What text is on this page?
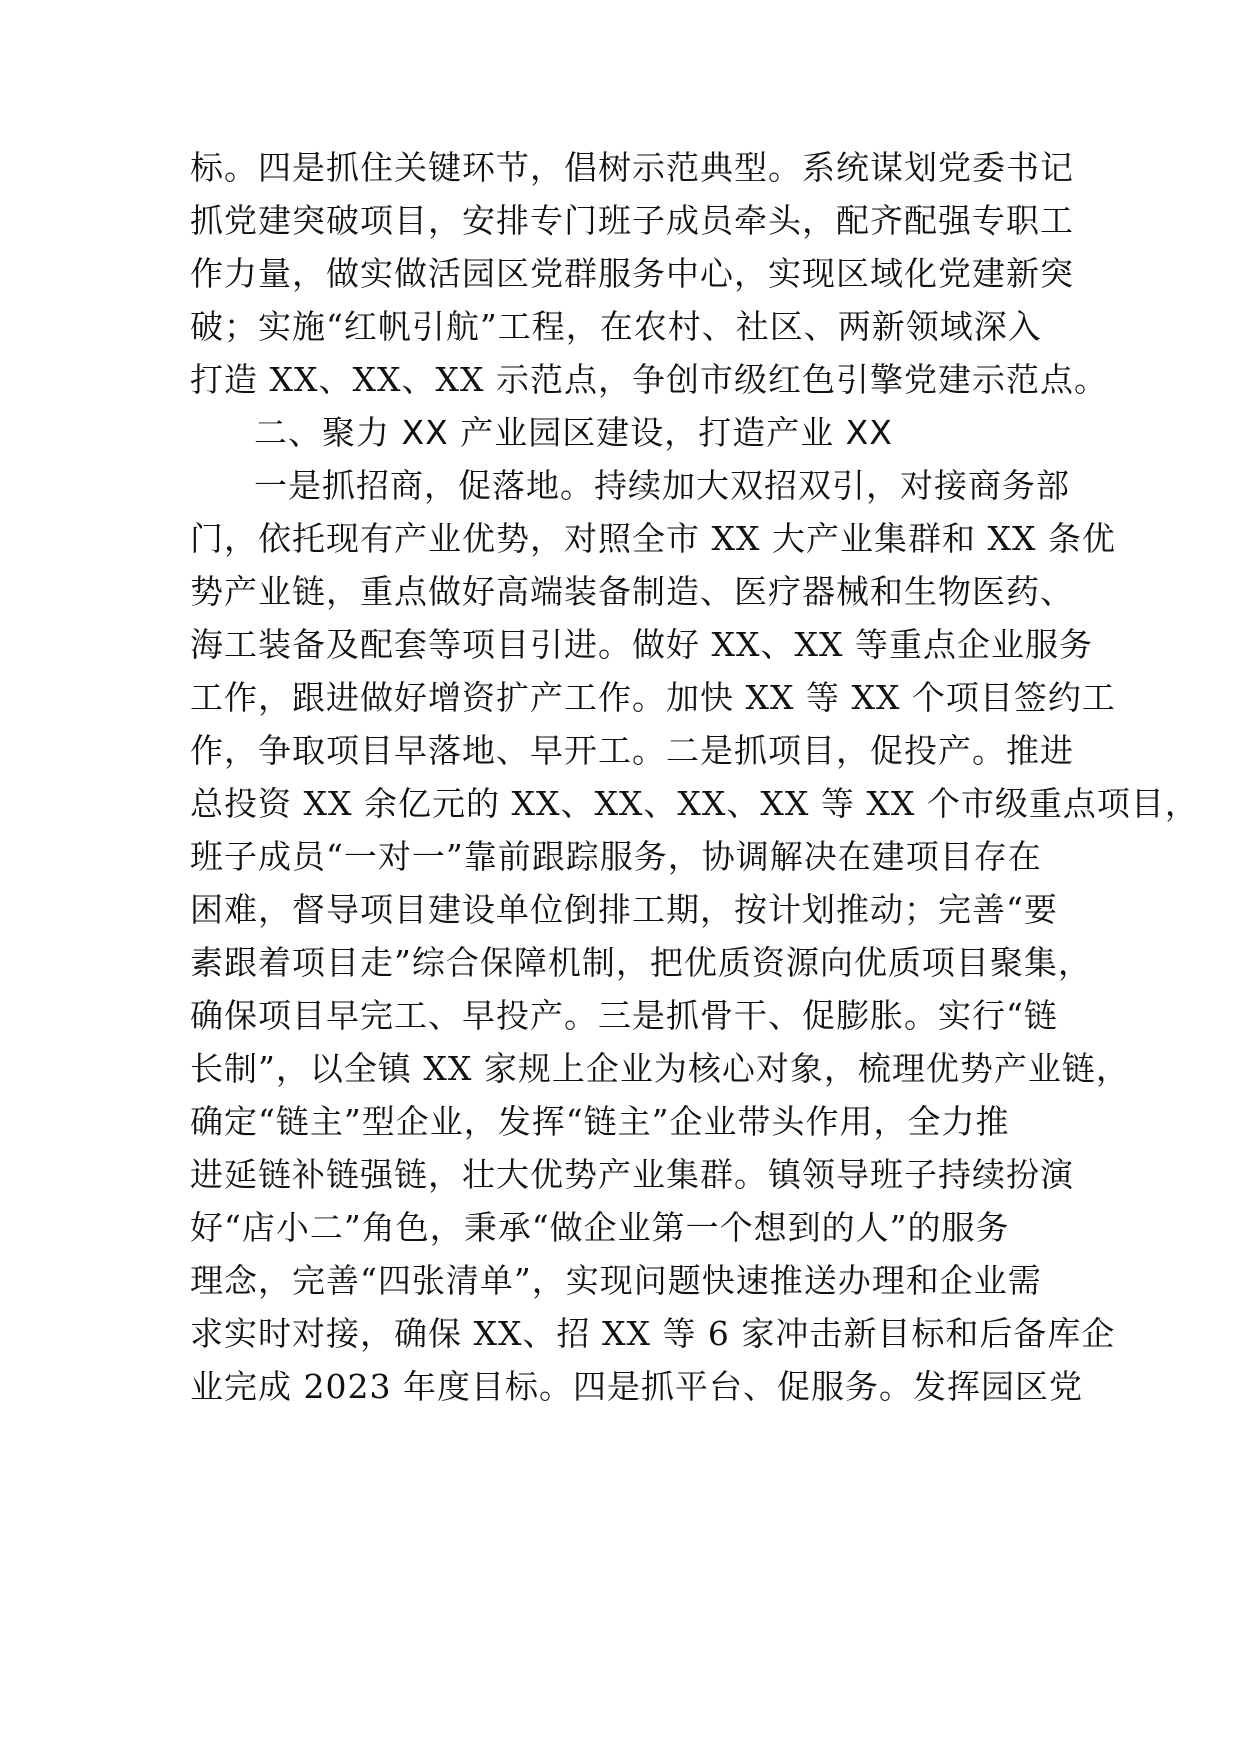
标。四是抓住关键环节，倡树示范典型。系统谋划党委书记
抓党建突破项目，安排专门班子成员牵头，配齐配强专职工
作力量，做实做活园区党群服务中心，实现区域化党建新突
破；实施“红帆引航”工程，在农村、社区、两新领域深入
打造 XX、XX、XX 示范点，争创市级红色引擎党建示范点。
二、聚力 XX 产业园区建设，打造产业 XX
一是抓招商，促落地。持续加大双招双引，对接商务部
门，依托现有产业优势，对照全市 XX 大产业集群和 XX 条优
势产业链，重点做好高端装备制造、医疗器械和生物医药、
海工装备及配套等项目引进。做好 XX、XX 等重点企业服务
工作，跟进做好增资扩产工作。加快 XX 等 XX 个项目签约工
作，争取项目早落地、早开工。二是抓项目，促投产。推进
总投资 XX 余亿元的 XX、XX、XX、XX 等 XX 个市级重点项目，
班子成员“一对一”靠前跟踪服务，协调解决在建项目存在
困难，督导项目建设单位倒排工期，按计划推动；完善“要
素跟着项目走”综合保障机制，把优质资源向优质项目聚集，
确保项目早完工、早投产。三是抓骨干、促膨胀。实行“链
长制”，以全镇 XX 家规上企业为核心对象，梳理优势产业链，
确定“链主”型企业，发挥“链主”企业带头作用，全力推
进延链补链强链，壮大优势产业集群。镇领导班子持续扮演
好“店小二”角色，秉承“做企业第一个想到的人”的服务
理念，完善“四张清单”，实现问题快速推送办理和企业需
求实时对接，确保 XX、招 XX 等 6 家冲击新目标和后备库企
业完成 2023 年度目标。四是抓平台、促服务。发挥园区党
